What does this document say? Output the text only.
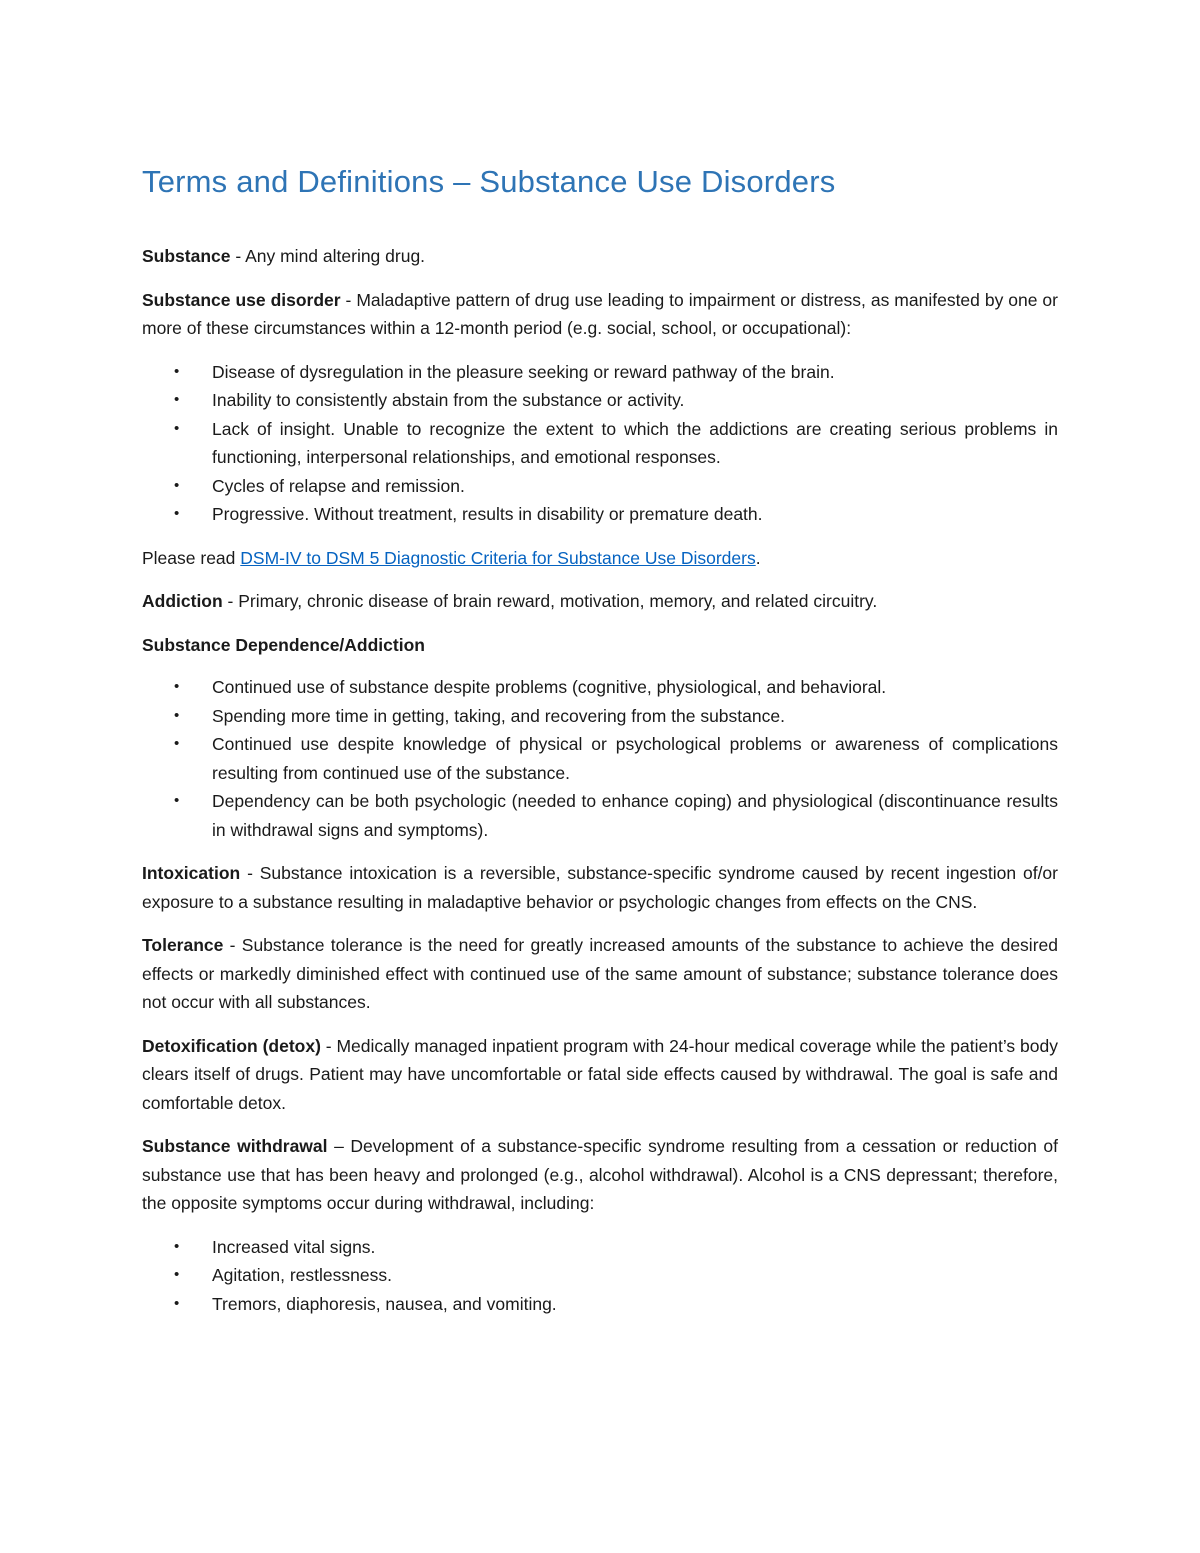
Terms and Definitions – Substance Use Disorders

Substance - Any mind altering drug.

Substance use disorder - Maladaptive pattern of drug use leading to impairment or distress, as manifested by one or more of these circumstances within a 12-month period (e.g. social, school, or occupational):

• Disease of dysregulation in the pleasure seeking or reward pathway of the brain.
• Inability to consistently abstain from the substance or activity.
• Lack of insight. Unable to recognize the extent to which the addictions are creating serious problems in functioning, interpersonal relationships, and emotional responses.
• Cycles of relapse and remission.
• Progressive. Without treatment, results in disability or premature death.

Please read DSM-IV to DSM 5 Diagnostic Criteria for Substance Use Disorders.

Addiction - Primary, chronic disease of brain reward, motivation, memory, and related circuitry.

Substance Dependence/Addiction

• Continued use of substance despite problems (cognitive, physiological, and behavioral.
• Spending more time in getting, taking, and recovering from the substance.
• Continued use despite knowledge of physical or psychological problems or awareness of complications resulting from continued use of the substance.
• Dependency can be both psychologic (needed to enhance coping) and physiological (discontinuance results in withdrawal signs and symptoms).

Intoxication - Substance intoxication is a reversible, substance-specific syndrome caused by recent ingestion of/or exposure to a substance resulting in maladaptive behavior or psychologic changes from effects on the CNS.

Tolerance - Substance tolerance is the need for greatly increased amounts of the substance to achieve the desired effects or markedly diminished effect with continued use of the same amount of substance; substance tolerance does not occur with all substances.

Detoxification (detox) - Medically managed inpatient program with 24-hour medical coverage while the patient’s body clears itself of drugs. Patient may have uncomfortable or fatal side effects caused by withdrawal. The goal is safe and comfortable detox.

Substance withdrawal – Development of a substance-specific syndrome resulting from a cessation or reduction of substance use that has been heavy and prolonged (e.g., alcohol withdrawal). Alcohol is a CNS depressant; therefore, the opposite symptoms occur during withdrawal, including:

• Increased vital signs.
• Agitation, restlessness.
• Tremors, diaphoresis, nausea, and vomiting.
